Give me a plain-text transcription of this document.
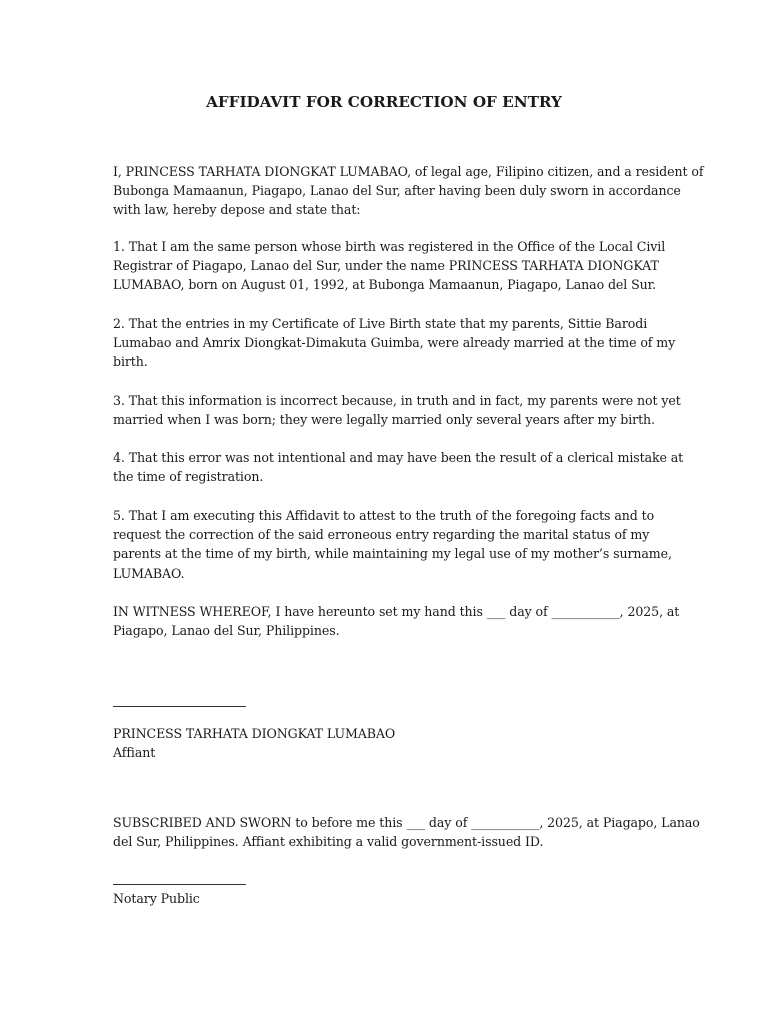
AFFIDAVIT FOR CORRECTION OF ENTRY

I, PRINCESS TARHATA DIONGKAT LUMABAO, of legal age, Filipino citizen, and a resident of
Bubonga Mamaanun, Piagapo, Lanao del Sur, after having been duly sworn in accordance
with law, hereby depose and state that:

1. That I am the same person whose birth was registered in the Office of the Local Civil
Registrar of Piagapo, Lanao del Sur, under the name PRINCESS TARHATA DIONGKAT
LUMABAO, born on August 01, 1992, at Bubonga Mamaanun, Piagapo, Lanao del Sur.

2. That the entries in my Certificate of Live Birth state that my parents, Sittie Barodi
Lumabao and Amrix Diongkat-Dimakuta Guimba, were already married at the time of my
birth.

3. That this information is incorrect because, in truth and in fact, my parents were not yet
married when I was born; they were legally married only several years after my birth.

4. That this error was not intentional and may have been the result of a clerical mistake at
the time of registration.

5. That I am executing this Affidavit to attest to the truth of the foregoing facts and to
request the correction of the said erroneous entry regarding the marital status of my
parents at the time of my birth, while maintaining my legal use of my mother’s surname,
LUMABAO.

IN WITNESS WHEREOF, I have hereunto set my hand this ___ day of ___________, 2025, at
Piagapo, Lanao del Sur, Philippines.

PRINCESS TARHATA DIONGKAT LUMABAO
Affiant

SUBSCRIBED AND SWORN to before me this ___ day of ___________, 2025, at Piagapo, Lanao
del Sur, Philippines. Affiant exhibiting a valid government-issued ID.

Notary Public
